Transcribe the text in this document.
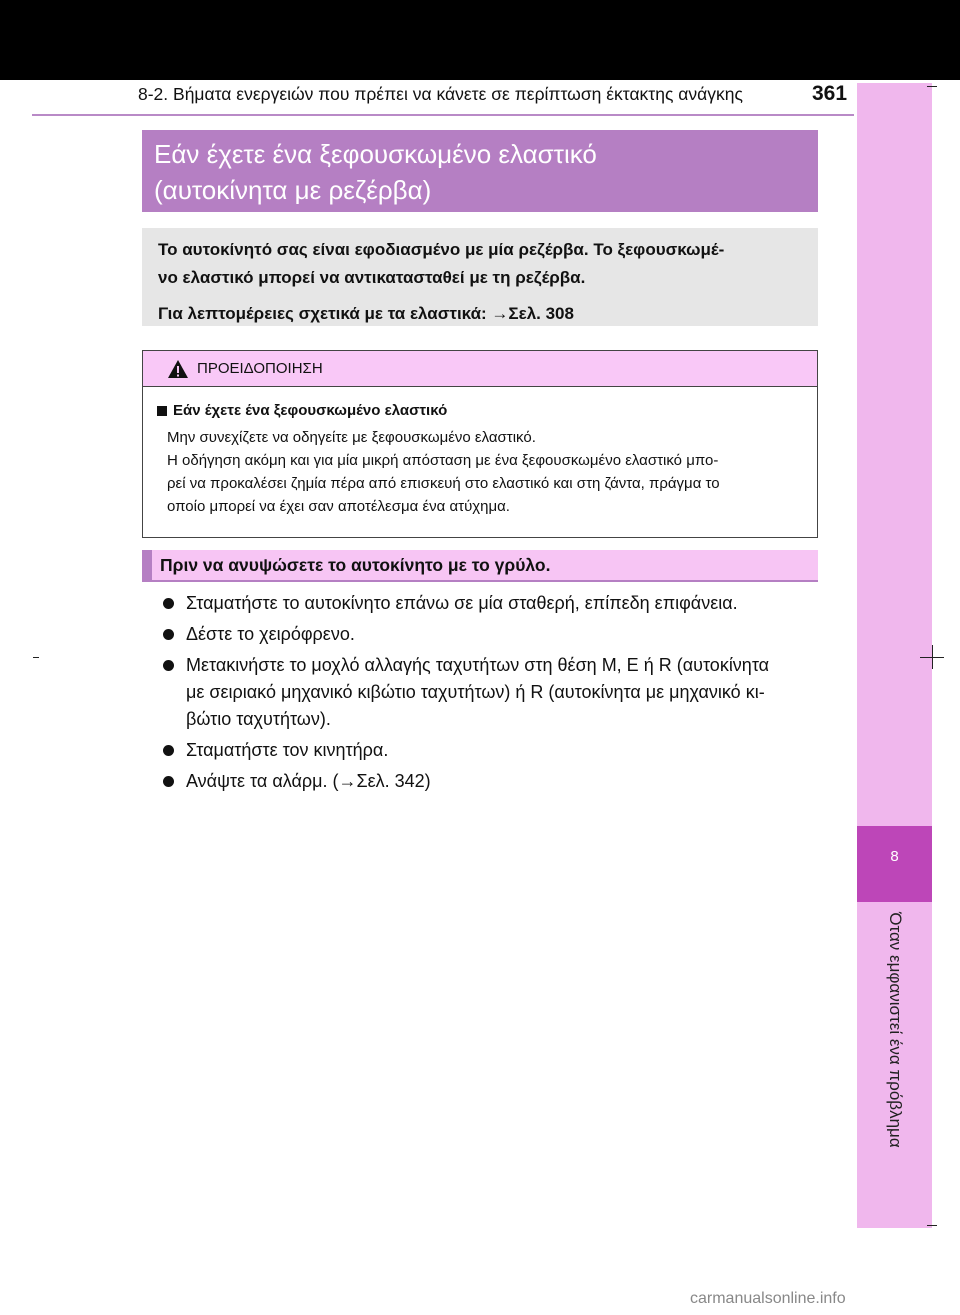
8-2. Βήματα ενεργειών που πρέπει να κάνετε σε περίπτωση έκτακτης ανάγκης	361
8
Όταν εμφανιστεί ένα πρόβλημα
Εάν έχετε ένα ξεφουσκωμένο ελαστικό
(αυτοκίνητα με ρεζέρβα)
Το αυτοκίνητό σας είναι εφοδιασμένο με μία ρεζέρβα. Το ξεφουσκωμέ-
νο ελαστικό μπορεί να αντικατασταθεί με τη ρεζέρβα.
Για λεπτομέρειες σχετικά με τα ελαστικά: →Σελ. 308
ΠΡΟΕΙΔΟΠΟΙΗΣΗ
Εάν έχετε ένα ξεφουσκωμένο ελαστικό
Μην συνεχίζετε να οδηγείτε με ξεφουσκωμένο ελαστικό.
Η οδήγηση ακόμη και για μία μικρή απόσταση με ένα ξεφουσκωμένο ελαστικό μπο-
ρεί να προκαλέσει ζημία πέρα από επισκευή στο ελαστικό και στη ζάντα, πράγμα το
οποίο μπορεί να έχει σαν αποτέλεσμα ένα ατύχημα.
Πριν να ανυψώσετε το αυτοκίνητο με το γρύλο.
Σταματήστε το αυτοκίνητο επάνω σε μία σταθερή, επίπεδη επιφάνεια.
Δέστε το χειρόφρενο.
Μετακινήστε το μοχλό αλλαγής ταχυτήτων στη θέση M, E ή R (αυτοκίνητα
με σειριακό μηχανικό κιβώτιο ταχυτήτων) ή R (αυτοκίνητα με μηχανικό κι-
βώτιο ταχυτήτων).
Σταματήστε τον κινητήρα.
Ανάψτε τα αλάρμ. (→Σελ. 342)
carmanualsonline.info
